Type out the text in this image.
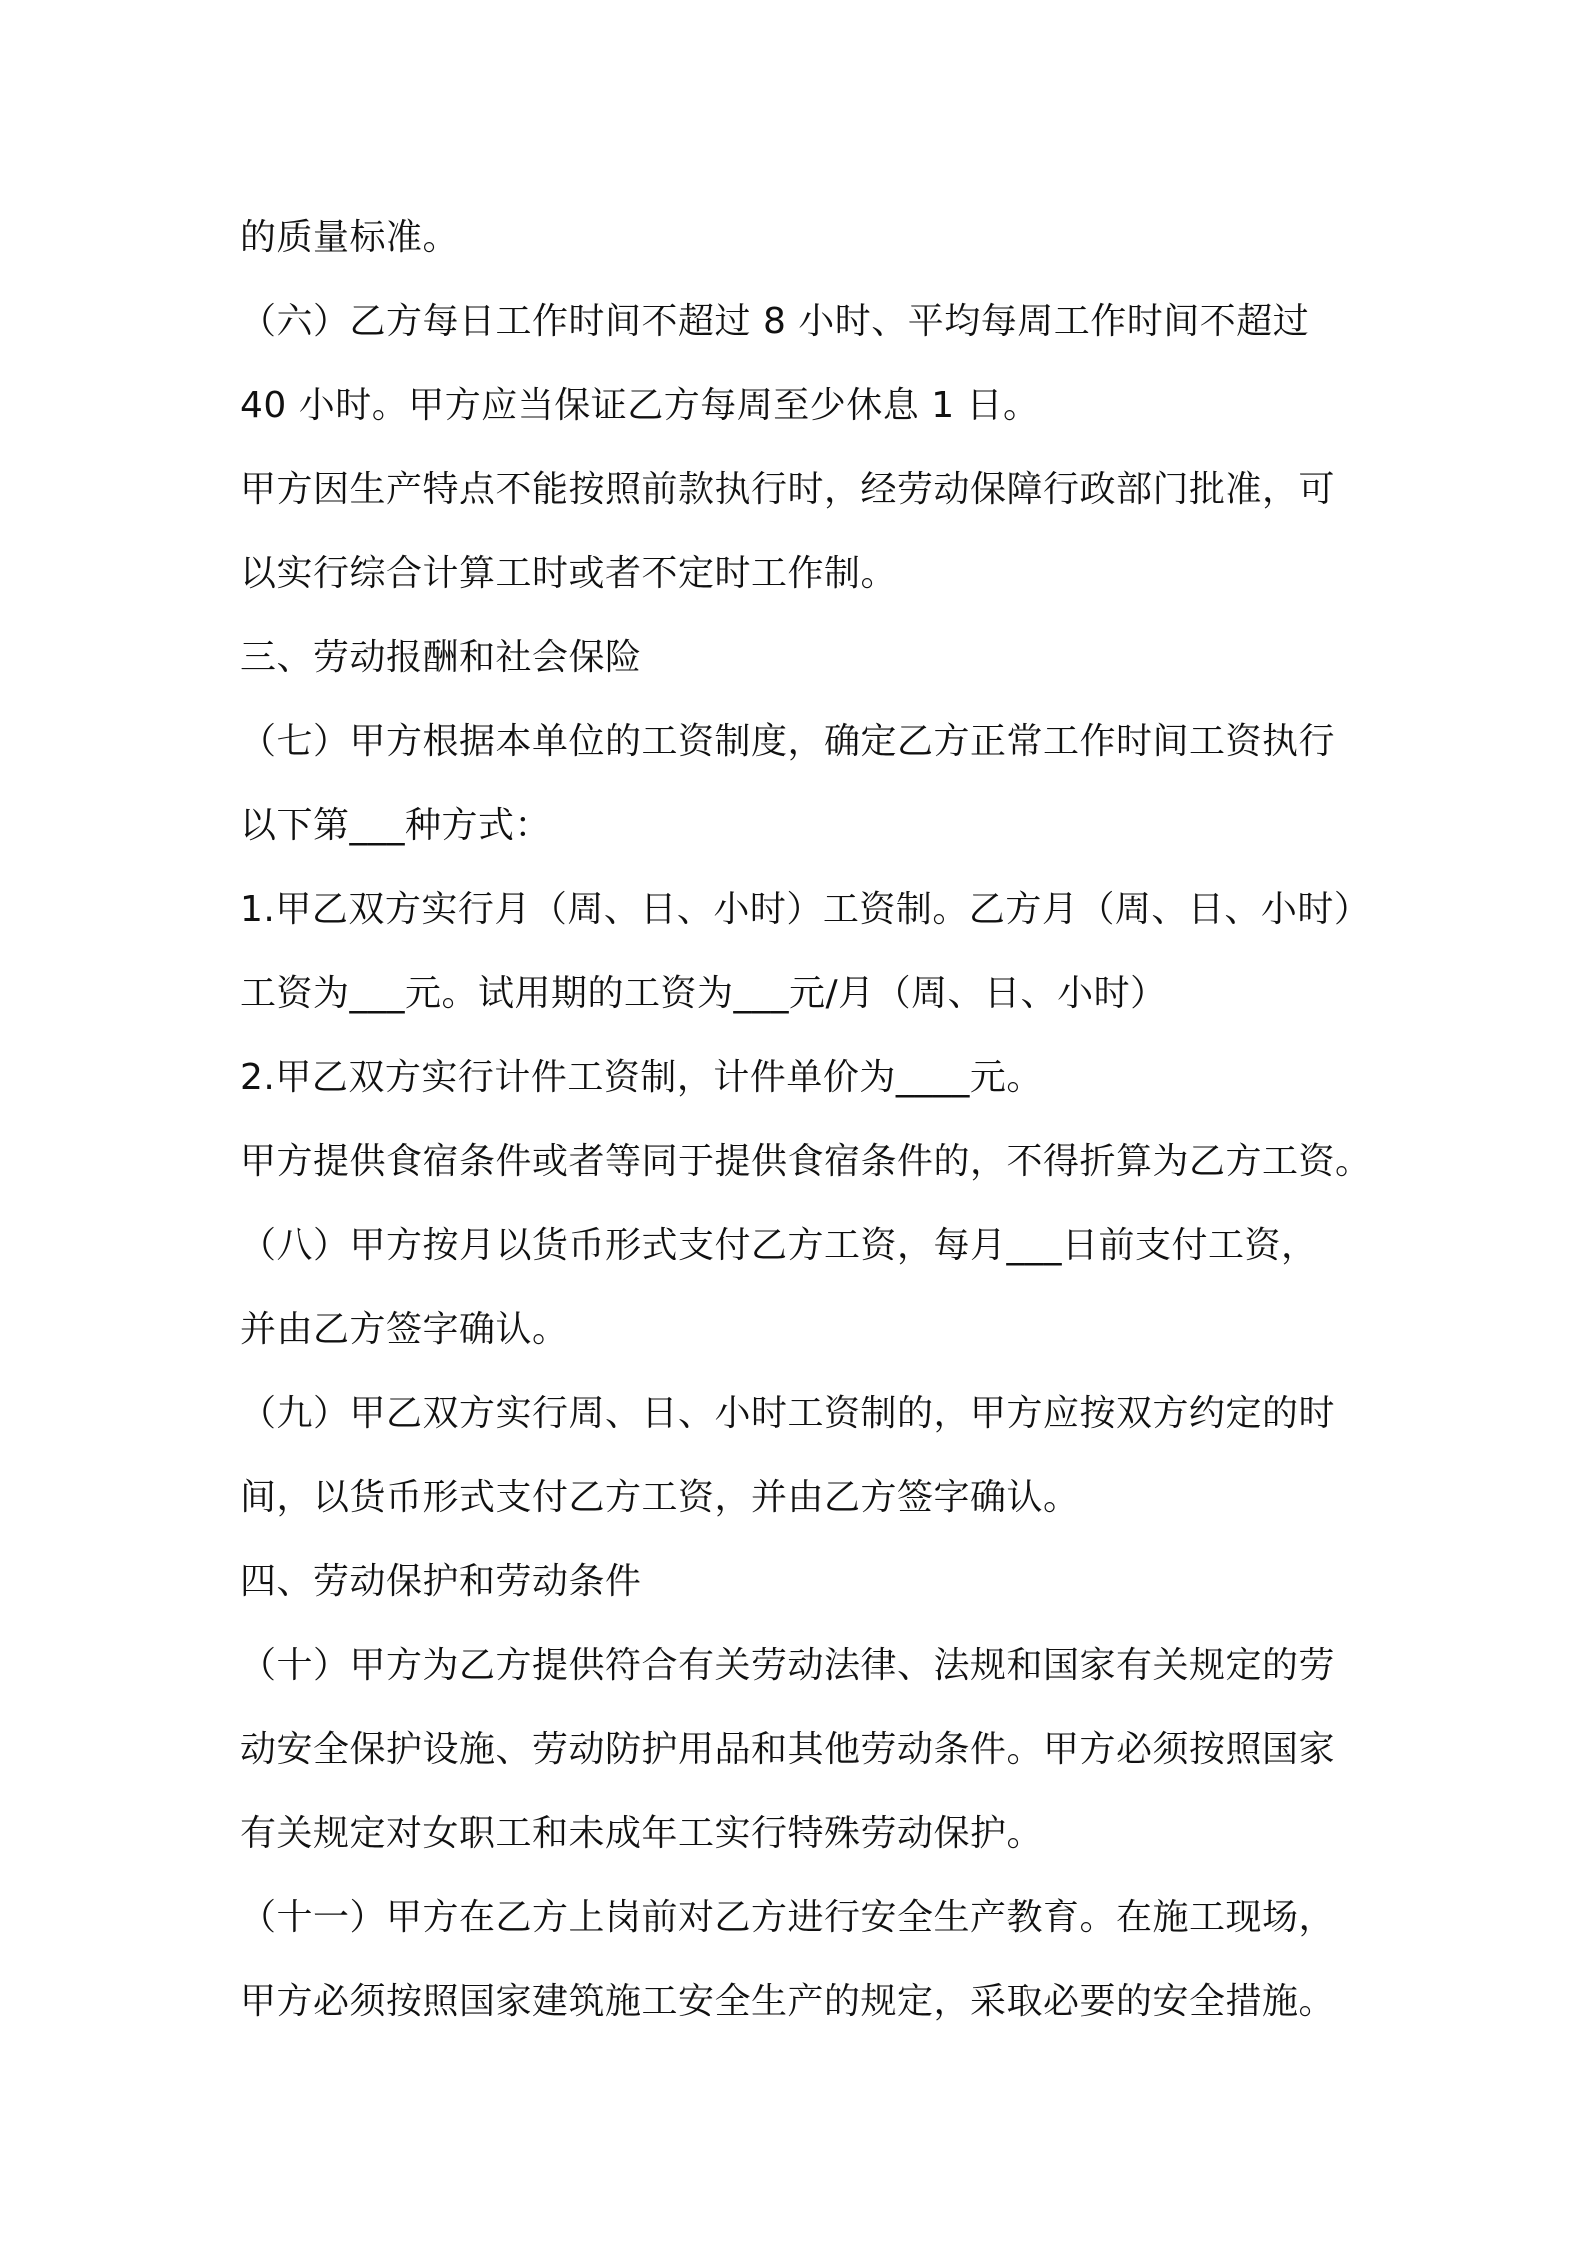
的质量标准。
（六）乙方每日工作时间不超过 8 小时、平均每周工作时间不超过
40 小时。甲方应当保证乙方每周至少休息 1 日。
甲方因生产特点不能按照前款执行时，经劳动保障行政部门批准，可
以实行综合计算工时或者不定时工作制。
三、劳动报酬和社会保险
（七）甲方根据本单位的工资制度，确定乙方正常工作时间工资执行
以下第___种方式：
1.甲乙双方实行月（周、日、小时）工资制。乙方月（周、日、小时）
工资为___元。试用期的工资为___元/月（周、日、小时）
2.甲乙双方实行计件工资制，计件单价为____元。
甲方提供食宿条件或者等同于提供食宿条件的，不得折算为乙方工资。
（八）甲方按月以货币形式支付乙方工资，每月___日前支付工资，
并由乙方签字确认。
（九）甲乙双方实行周、日、小时工资制的，甲方应按双方约定的时
间，以货币形式支付乙方工资，并由乙方签字确认。
四、劳动保护和劳动条件
（十）甲方为乙方提供符合有关劳动法律、法规和国家有关规定的劳
动安全保护设施、劳动防护用品和其他劳动条件。甲方必须按照国家
有关规定对女职工和未成年工实行特殊劳动保护。
（十一）甲方在乙方上岗前对乙方进行安全生产教育。在施工现场，
甲方必须按照国家建筑施工安全生产的规定，采取必要的安全措施。
